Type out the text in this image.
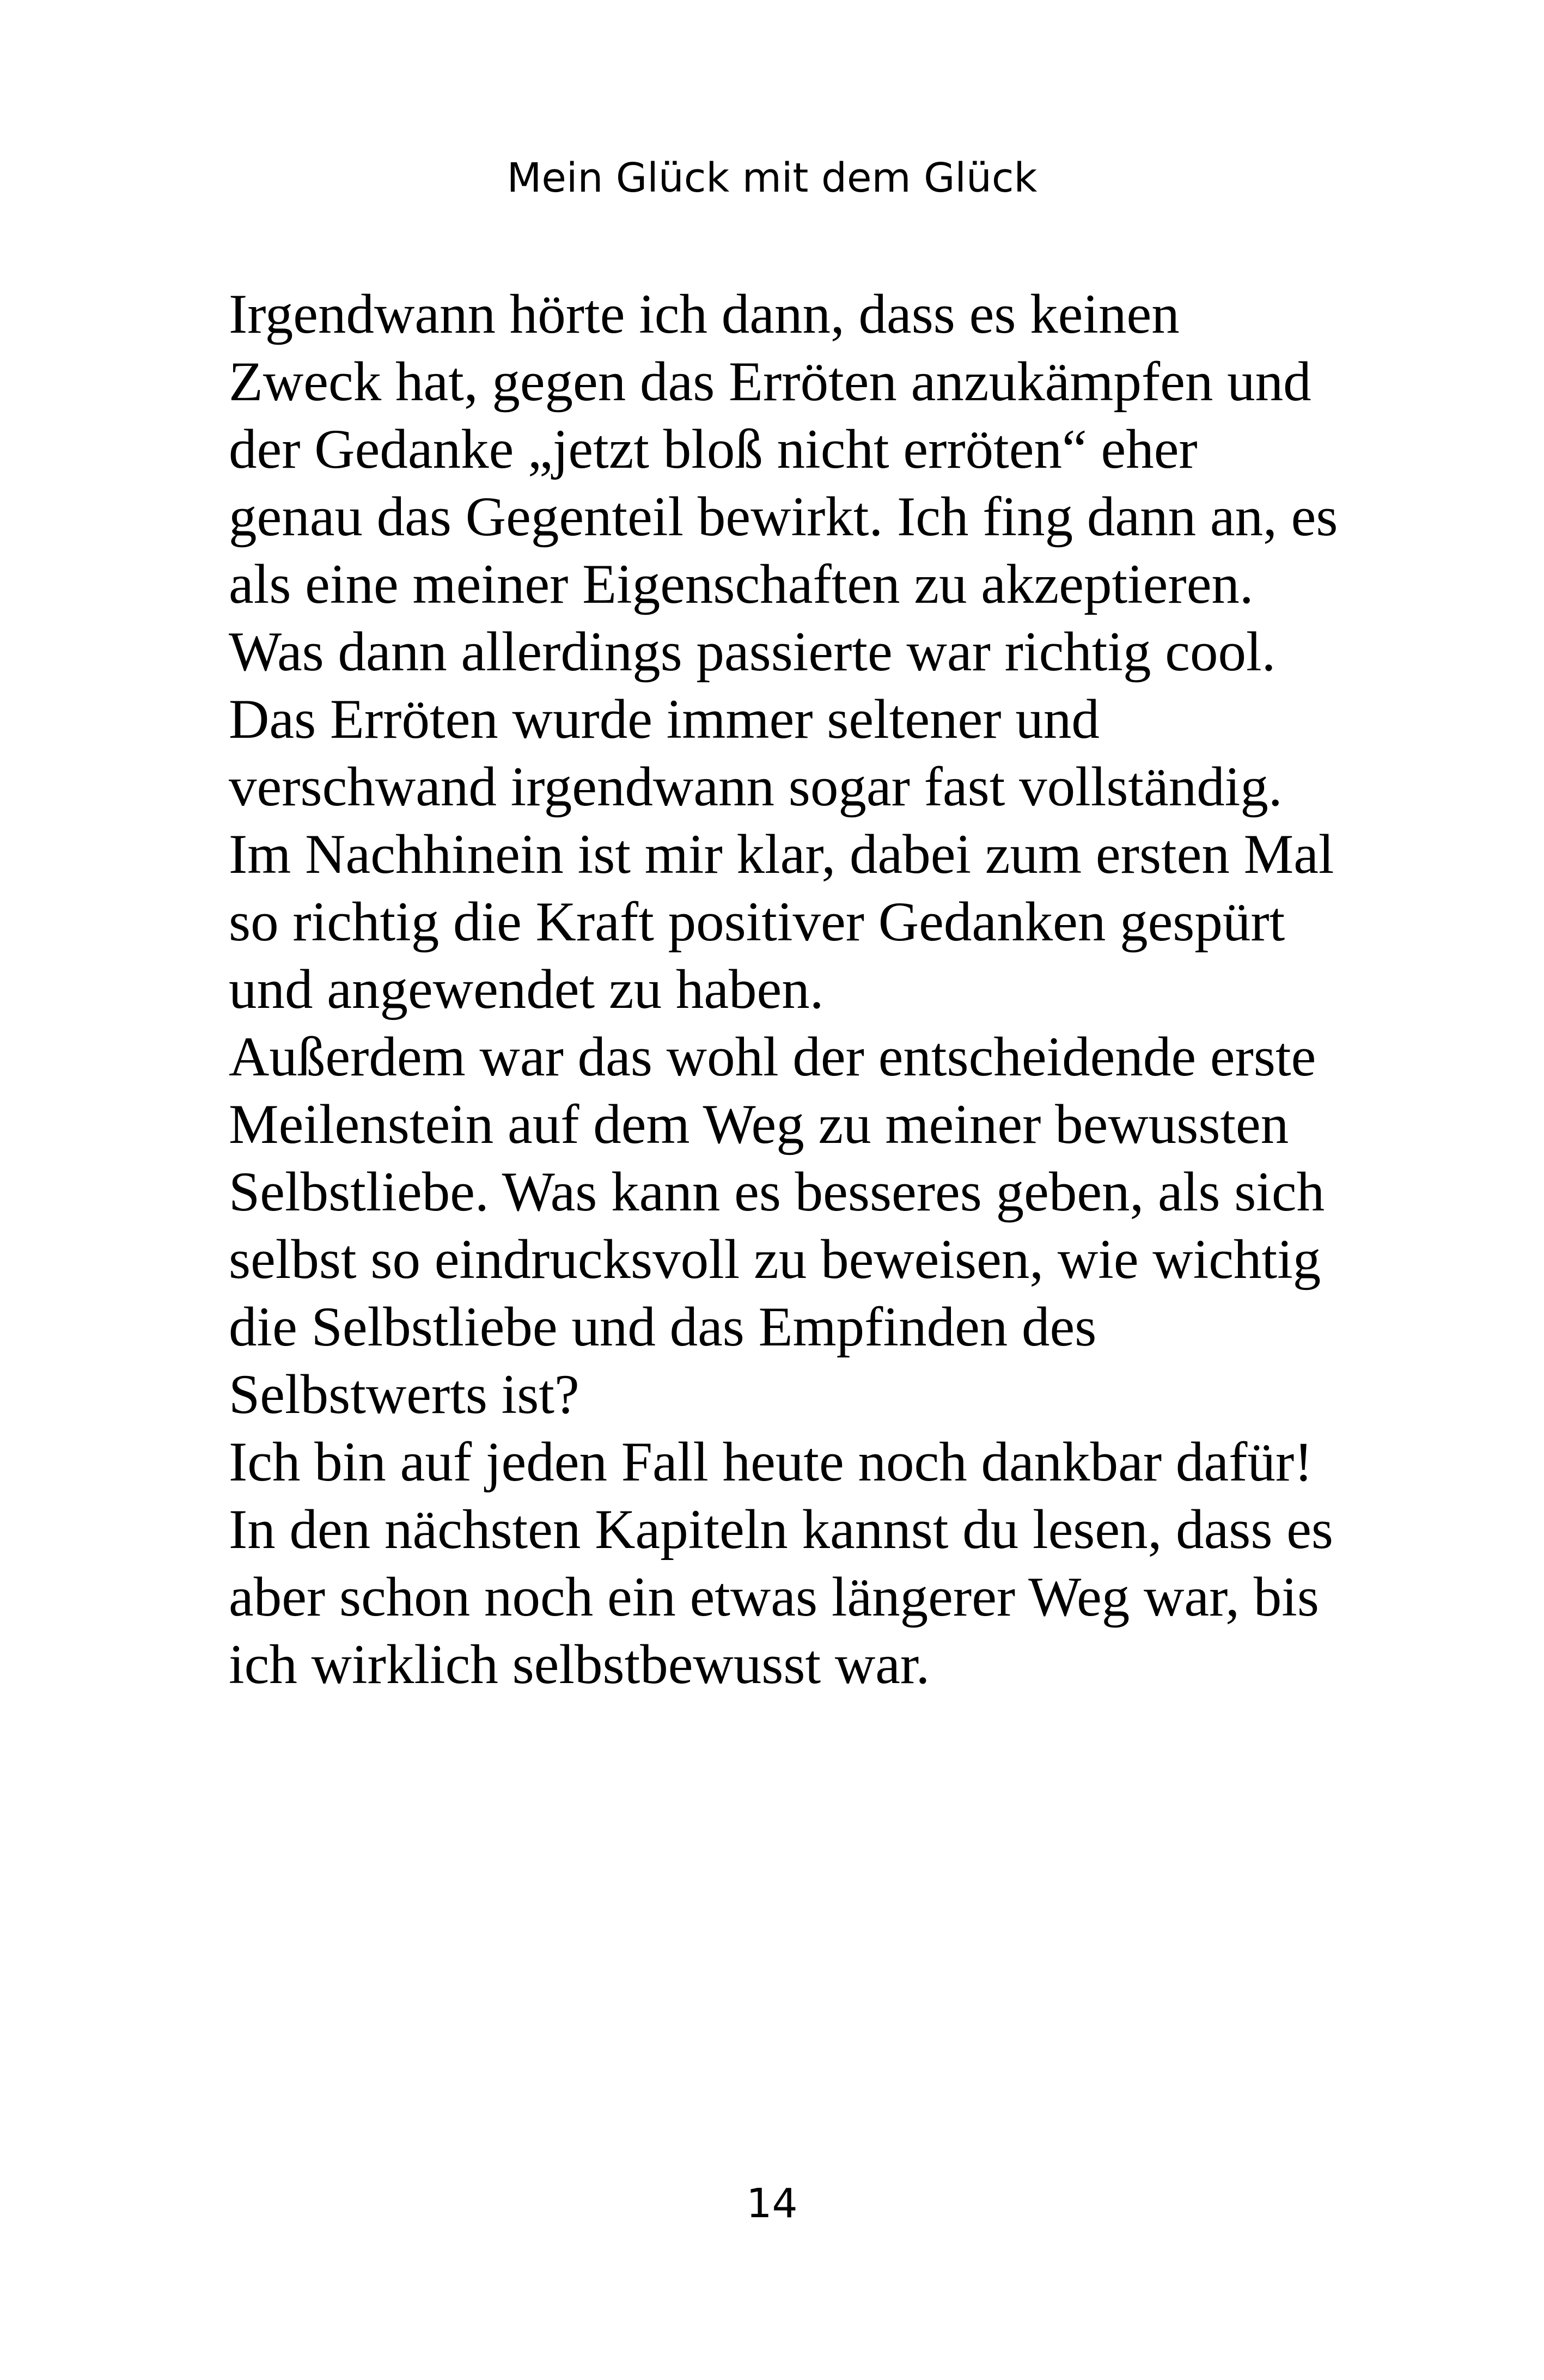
Mein Glück mit dem Glück
Irgendwann hörte ich dann, dass es keinen
Zweck hat, gegen das Erröten anzukämpfen und
der Gedanke „jetzt bloß nicht erröten“ eher
genau das Gegenteil bewirkt. Ich fing dann an, es
als eine meiner Eigenschaften zu akzeptieren.
Was dann allerdings passierte war richtig cool.
Das Erröten wurde immer seltener und
verschwand irgendwann sogar fast vollständig.
Im Nachhinein ist mir klar, dabei zum ersten Mal
so richtig die Kraft positiver Gedanken gespürt
und angewendet zu haben.
Außerdem war das wohl der entscheidende erste
Meilenstein auf dem Weg zu meiner bewussten
Selbstliebe. Was kann es besseres geben, als sich
selbst so eindrucksvoll zu beweisen, wie wichtig
die Selbstliebe und das Empfinden des
Selbstwerts ist?
Ich bin auf jeden Fall heute noch dankbar dafür!
In den nächsten Kapiteln kannst du lesen, dass es
aber schon noch ein etwas längerer Weg war, bis
ich wirklich selbstbewusst war.
14
